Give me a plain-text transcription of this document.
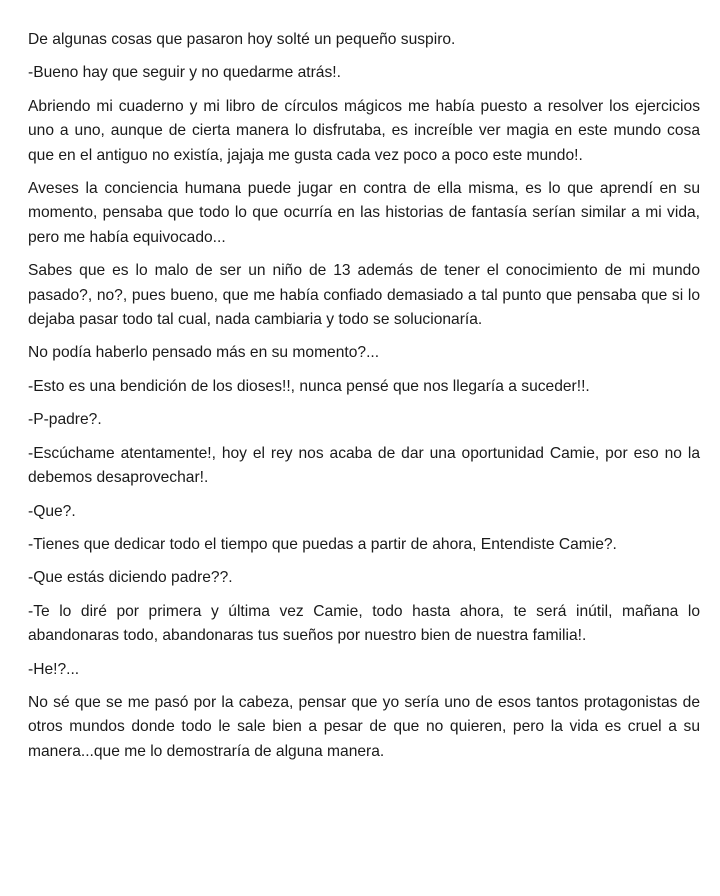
De algunas cosas que pasaron hoy solté un pequeño suspiro.

-Bueno hay que seguir y no quedarme atrás!.

Abriendo mi cuaderno y mi libro de círculos mágicos me había puesto a resolver los ejercicios uno a uno, aunque de cierta manera lo disfrutaba, es increíble ver magia en este mundo cosa que en el antiguo no existía, jajaja me gusta cada vez poco a poco este mundo!.

Aveses la conciencia humana puede jugar en contra de ella misma, es lo que aprendí en su momento, pensaba que todo lo que ocurría en las historias de fantasía serían similar a mi vida, pero me había equivocado...

Sabes que es lo malo de ser un niño de 13 además de tener el conocimiento de mi mundo pasado?, no?, pues bueno, que me había confiado demasiado a tal punto que pensaba que si lo dejaba pasar todo tal cual, nada cambiaria y todo se solucionaría.

No podía haberlo pensado más en su momento?...

-Esto es una bendición de los dioses!!, nunca pensé que nos llegaría a suceder!!.

-P-padre?.

-Escúchame atentamente!, hoy el rey nos acaba de dar una oportunidad Camie, por eso no la debemos desaprovechar!.

-Que?.

-Tienes que dedicar todo el tiempo que puedas a partir de ahora, Entendiste Camie?.

-Que estás diciendo padre??.

-Te lo diré por primera y última vez Camie, todo hasta ahora, te será inútil, mañana lo abandonaras todo, abandonaras tus sueños por nuestro bien de nuestra familia!.

-He!?...

No sé que se me pasó por la cabeza, pensar que yo sería uno de esos tantos protagonistas de otros mundos donde todo le sale bien a pesar de que no quieren, pero la vida es cruel a su manera...que me lo demostraría de alguna manera.
